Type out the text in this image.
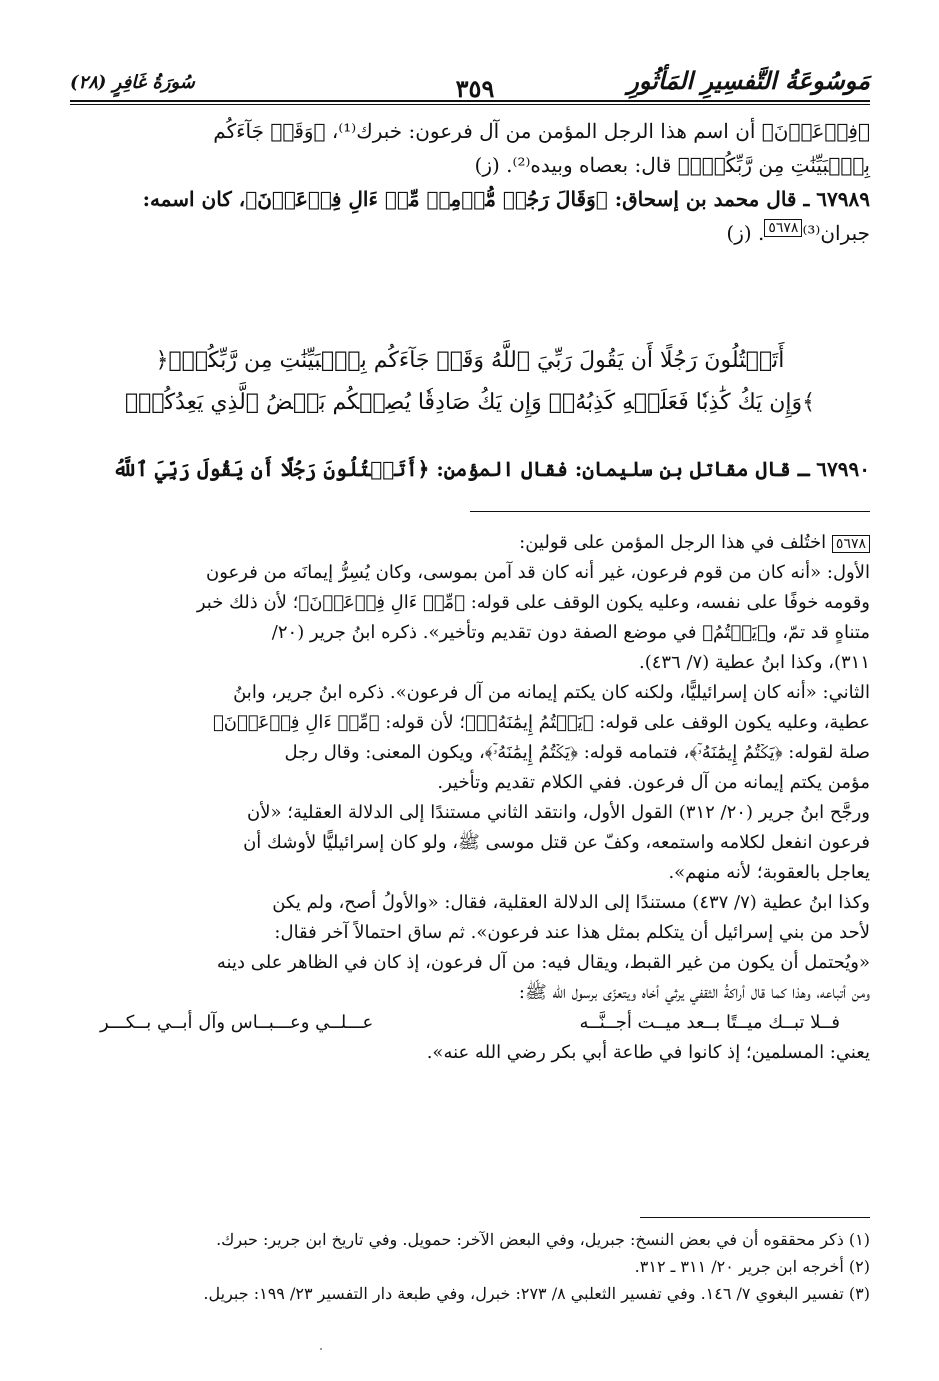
مَوسُوعَةُ التَّفسِيرِ المَأثُورِ
٣٥٩
سُورَةُ غَافِرٍ (٢٨)

﴿فِرۡعَوۡنَ﴾ أن اسم هذا الرجل المؤمن من آل فرعون: خبرك⁽¹⁾، ﴿وَقَدۡ جَآءَكُم

بِٱلۡبَيِّنَٰتِ مِن رَّبِّكُمۡۖ﴾ قال: بعصاه وبيده⁽²⁾. (ز)

٦٧٩٨٩ ـ قال محمد بن إسحاق: ﴿وَقَالَ رَجُلٞ مُّؤۡمِنٞ مِّنۡ ءَالِ فِرۡعَوۡنَ﴾، كان اسمه:

جبران⁽³⁾٥٦٧٨. (ز)

﴿أَتَقۡتُلُونَ رَجُلًا أَن يَقُولَ رَبِّيَ ٱللَّهُ وَقَدۡ جَآءَكُم بِٱلۡبَيِّنَٰتِ مِن رَّبِّكُمۡۖ

وَإِن يَكُ كَٰذِبٗا فَعَلَيۡهِ كَذِبُهُۥۖ وَإِن يَكُ صَادِقٗا يُصِبۡكُم بَعۡضُ ٱلَّذِي يَعِدُكُمۡۖ﴾

٦٧٩٩٠ ـ قال مقاتل بن سليمان: فقال المؤمن: ﴿أَتَقۡتُلُونَ رَجُلًا أَن يَقُولَ رَبِّيَ ٱللَّهُ

٥٦٧٨ اختُلف في هذا الرجل المؤمن على قولين:

الأول: «أنه كان من قوم فرعون، غير أنه كان قد آمن بموسى، وكان يُسِرُّ إيمانَه من فرعون

وقومه خوفًا على نفسه، وعليه يكون الوقف على قوله: ﴿مِّنۡ ءَالِ فِرۡعَوۡنَ﴾؛ لأن ذلك خبر

متناهٍ قد تمّ، و﴿يَكۡتُمُ﴾ في موضع الصفة دون تقديم وتأخير». ذكره ابنُ جرير (٢٠/

٣١١)، وكذا ابنُ عطية (٧/ ٤٣٦).

الثاني: «أنه كان إسرائيليًّا، ولكنه كان يكتم إيمانه من آل فرعون». ذكره ابنُ جرير، وابنُ

عطية، وعليه يكون الوقف على قوله: ﴿يَكۡتُمُ إِيمَٰنَهُۥٓ﴾؛ لأن قوله: ﴿مِّنۡ ءَالِ فِرۡعَوۡنَ﴾

صلة لقوله: ﴿يَكۡتُمُ إِيمَٰنَهُۥٓ﴾، فتمامه قوله: ﴿يَكۡتُمُ إِيمَٰنَهُۥٓ﴾، ويكون المعنى: وقال رجل

مؤمن يكتم إيمانه من آل فرعون. ففي الكلام تقديم وتأخير.

ورجَّح ابنُ جرير (٢٠/ ٣١٢) القول الأول، وانتقد الثاني مستندًا إلى الدلالة العقلية؛ «لأن

فرعون انفعل لكلامه واستمعه، وكفّ عن قتل موسى ﷺ، ولو كان إسرائيليًّا لأوشك أن

يعاجل بالعقوبة؛ لأنه منهم».

وكذا ابنُ عطية (٧/ ٤٣٧) مستندًا إلى الدلالة العقلية، فقال: «والأولُ أصح، ولم يكن

لأحد من بني إسرائيل أن يتكلم بمثل هذا عند فرعون». ثم ساق احتمالاً آخر فقال:

«ويُحتمل أن يكون من غير القبط، ويقال فيه: من آل فرعون، إذ كان في الظاهر على دينه

ومن أتباعه، وهذا كما قال أراكةُ الثقفي يرثي أخاه ويتعزّى برسول الله ﷺ:

فــلا تبــك ميــتًا بــعد ميــت أجــنَّــه
عـــلــي وعـــبــاس وآل أبــي بــكـــر

يعني: المسلمين؛ إذ كانوا في طاعة أبي بكر رضي الله عنه».

(١) ذكر محققوه أن في بعض النسخ: جبريل، وفي البعض الآخر: حمويل. وفي تاريخ ابن جرير: حبرك.

(٢) أخرجه ابن جرير ٢٠/ ٣١١ ـ ٣١٢.

(٣) تفسير البغوي ٧/ ١٤٦. وفي تفسير الثعلبي ٨/ ٢٧٣: خبرل، وفي طبعة دار التفسير ٢٣/ ١٩٩: جبريل.
